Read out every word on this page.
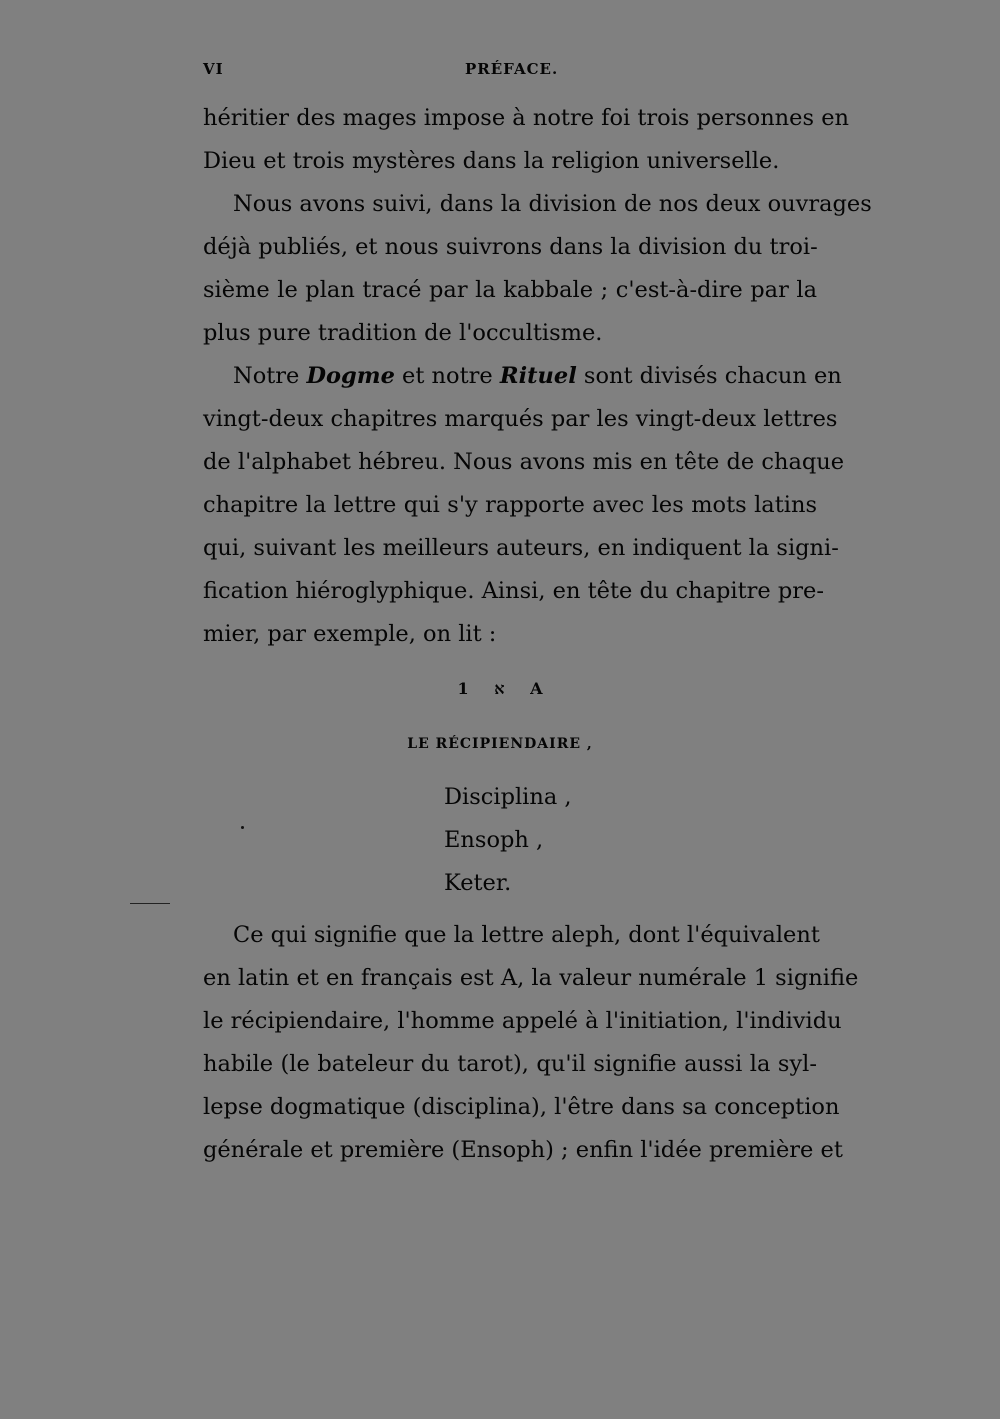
VI	PRÉFACE.
héritier des mages impose à notre foi trois personnes en
Dieu et trois mystères dans la religion universelle.
Nous avons suivi, dans la division de nos deux ouvrages
déjà publiés, et nous suivrons dans la division du troi-
sième le plan tracé par la kabbale ; c'est-à-dire par la
plus pure tradition de l'occultisme.
Notre Dogme et notre Rituel sont divisés chacun en
vingt-deux chapitres marqués par les vingt-deux lettres
de l'alphabet hébreu. Nous avons mis en tête de chaque
chapitre la lettre qui s'y rapporte avec les mots latins
qui, suivant les meilleurs auteurs, en indiquent la signi-
fication hiéroglyphique. Ainsi, en tête du chapitre pre-
mier, par exemple, on lit :
1 א A
LE RÉCIPIENDAIRE ,
Disciplina ,
Ensoph ,
Keter.
Ce qui signifie que la lettre aleph, dont l'équivalent
en latin et en français est A, la valeur numérale 1 signifie
le récipiendaire, l'homme appelé à l'initiation, l'individu
habile (le bateleur du tarot), qu'il signifie aussi la syl-
lepse dogmatique (disciplina), l'être dans sa conception
générale et première (Ensoph) ; enfin l'idée première et
